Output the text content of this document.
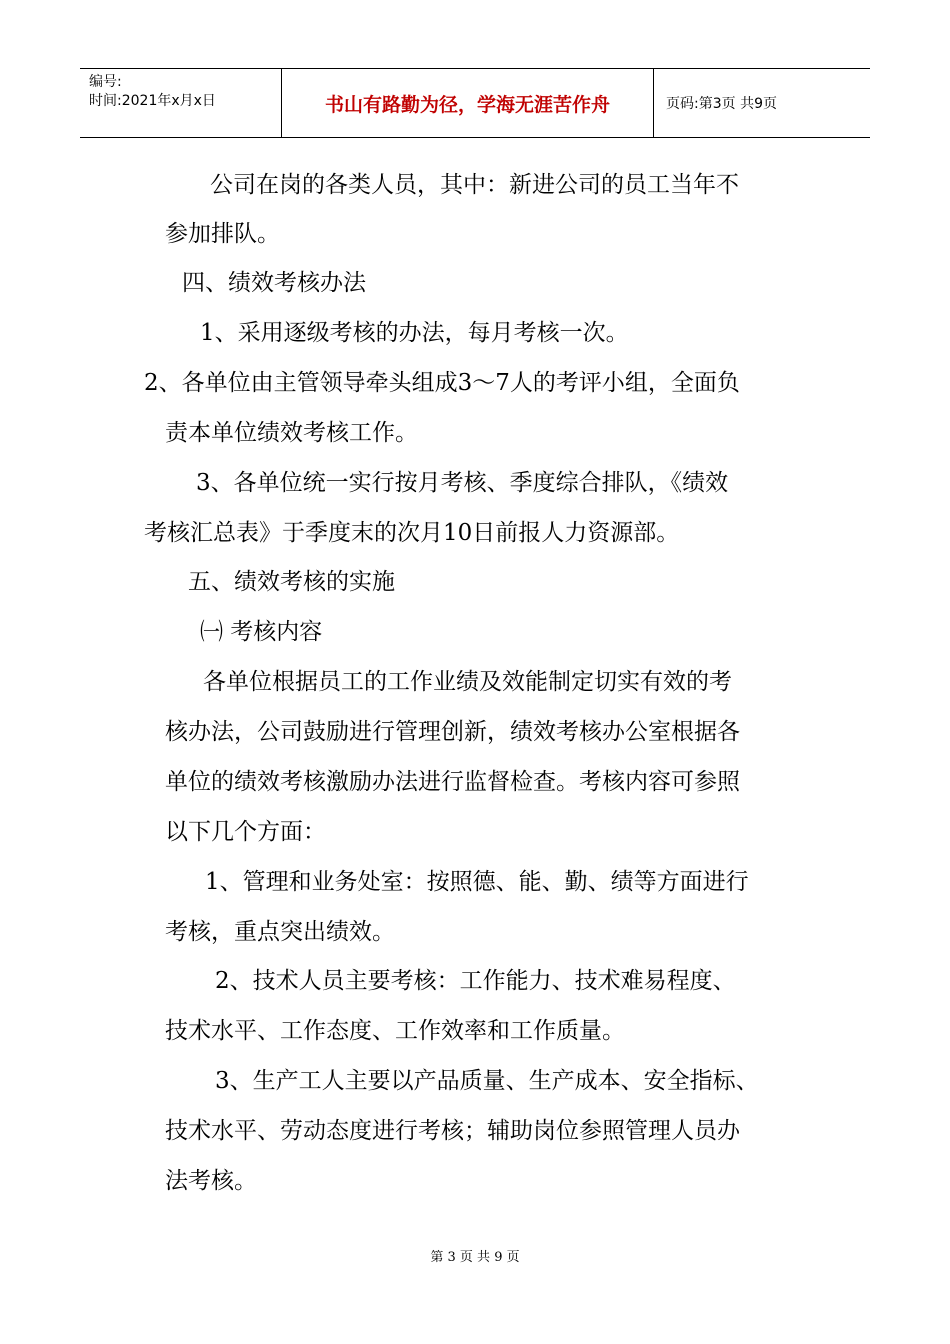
编号:
时间:2021年x月x日	书山有路勤为径，学海无涯苦作舟	页码:第3页 共9页
公司在岗的各类人员，其中：新进公司的员工当年不
参加排队。
四、绩效考核办法
1、采用逐级考核的办法，每月考核一次。
2、各单位由主管领导牵头组成3～7人的考评小组，全面负
责本单位绩效考核工作。
3、各单位统一实行按月考核、季度综合排队，《绩效
考核汇总表》于季度末的次月10日前报人力资源部。
五、绩效考核的实施
㈠ 考核内容
各单位根据员工的工作业绩及效能制定切实有效的考
核办法，公司鼓励进行管理创新，绩效考核办公室根据各
单位的绩效考核激励办法进行监督检查。考核内容可参照
以下几个方面：
1、管理和业务处室：按照德、能、勤、绩等方面进行
考核，重点突出绩效。
2、技术人员主要考核：工作能力、技术难易程度、
技术水平、工作态度、工作效率和工作质量。
3、生产工人主要以产品质量、生产成本、安全指标、
技术水平、劳动态度进行考核；辅助岗位参照管理人员办
法考核。
第 3 页 共 9 页
